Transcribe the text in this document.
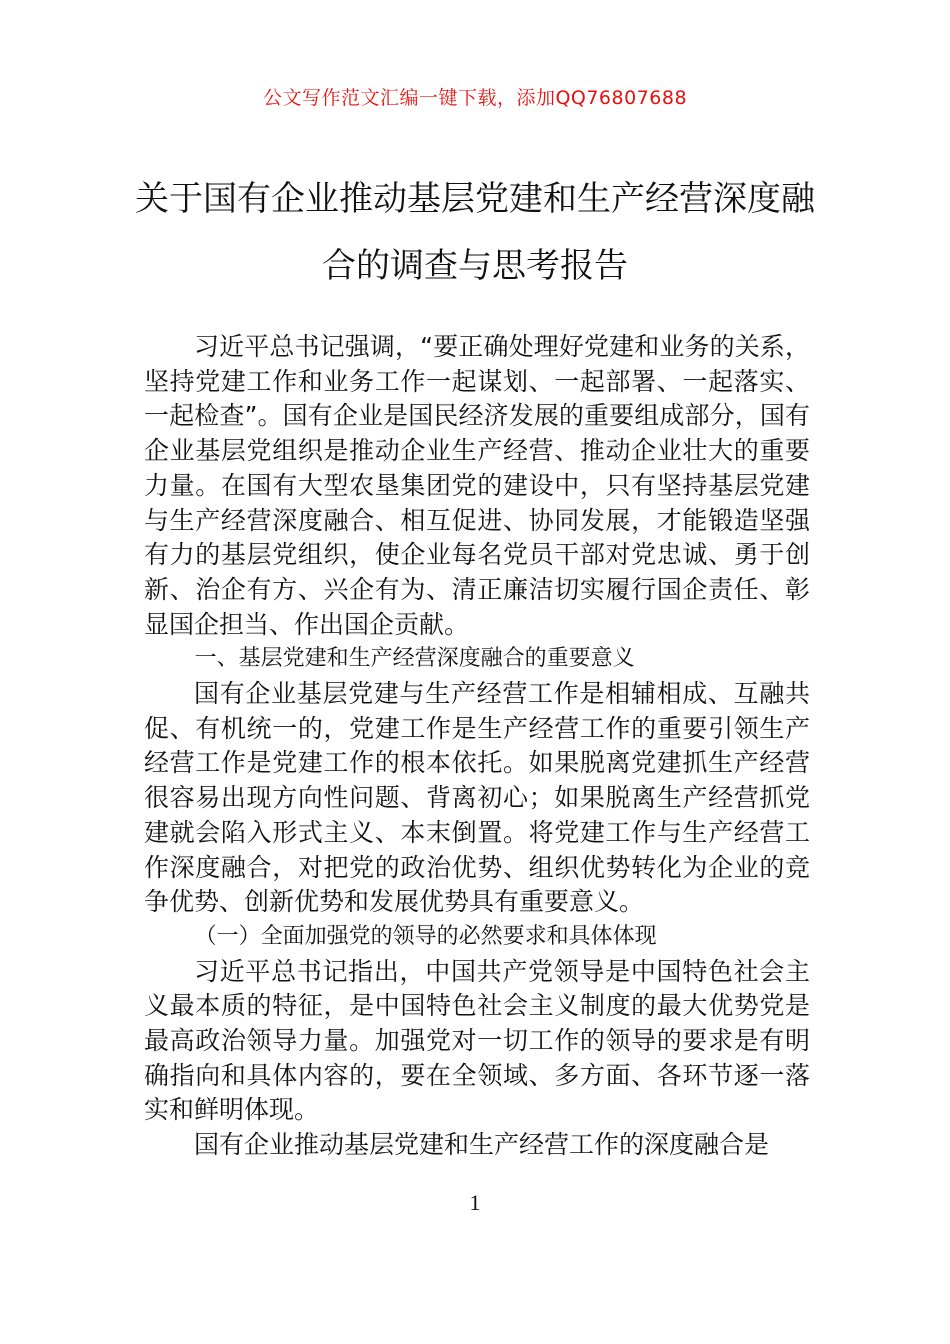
公文写作范文汇编一键下载，添加QQ76807688
关于国有企业推动基层党建和生产经营深度融合的调查与思考报告

习近平总书记强调，“要正确处理好党建和业务的关系，坚持党建工作和业务工作一起谋划、一起部署、一起落实、一起检查”。国有企业是国民经济发展的重要组成部分，国有企业基层党组织是推动企业生产经营、推动企业壮大的重要力量。在国有大型农垦集团党的建设中，只有坚持基层党建与生产经营深度融合、相互促进、协同发展，才能锻造坚强有力的基层党组织，使企业每名党员干部对党忠诚、勇于创新、治企有方、兴企有为、清正廉洁切实履行国企责任、彰显国企担当、作出国企贡献。

一、基层党建和生产经营深度融合的重要意义

国有企业基层党建与生产经营工作是相辅相成、互融共促、有机统一的，党建工作是生产经营工作的重要引领生产经营工作是党建工作的根本依托。如果脱离党建抓生产经营很容易出现方向性问题、背离初心；如果脱离生产经营抓党建就会陷入形式主义、本末倒置。将党建工作与生产经营工作深度融合，对把党的政治优势、组织优势转化为企业的竞争优势、创新优势和发展优势具有重要意义。

（一）全面加强党的领导的必然要求和具体体现

习近平总书记指出，中国共产党领导是中国特色社会主义最本质的特征，是中国特色社会主义制度的最大优势党是最高政治领导力量。加强党对一切工作的领导的要求是有明确指向和具体内容的，要在全领域、多方面、各环节逐一落实和鲜明体现。

国有企业推动基层党建和生产经营工作的深度融合是

1
